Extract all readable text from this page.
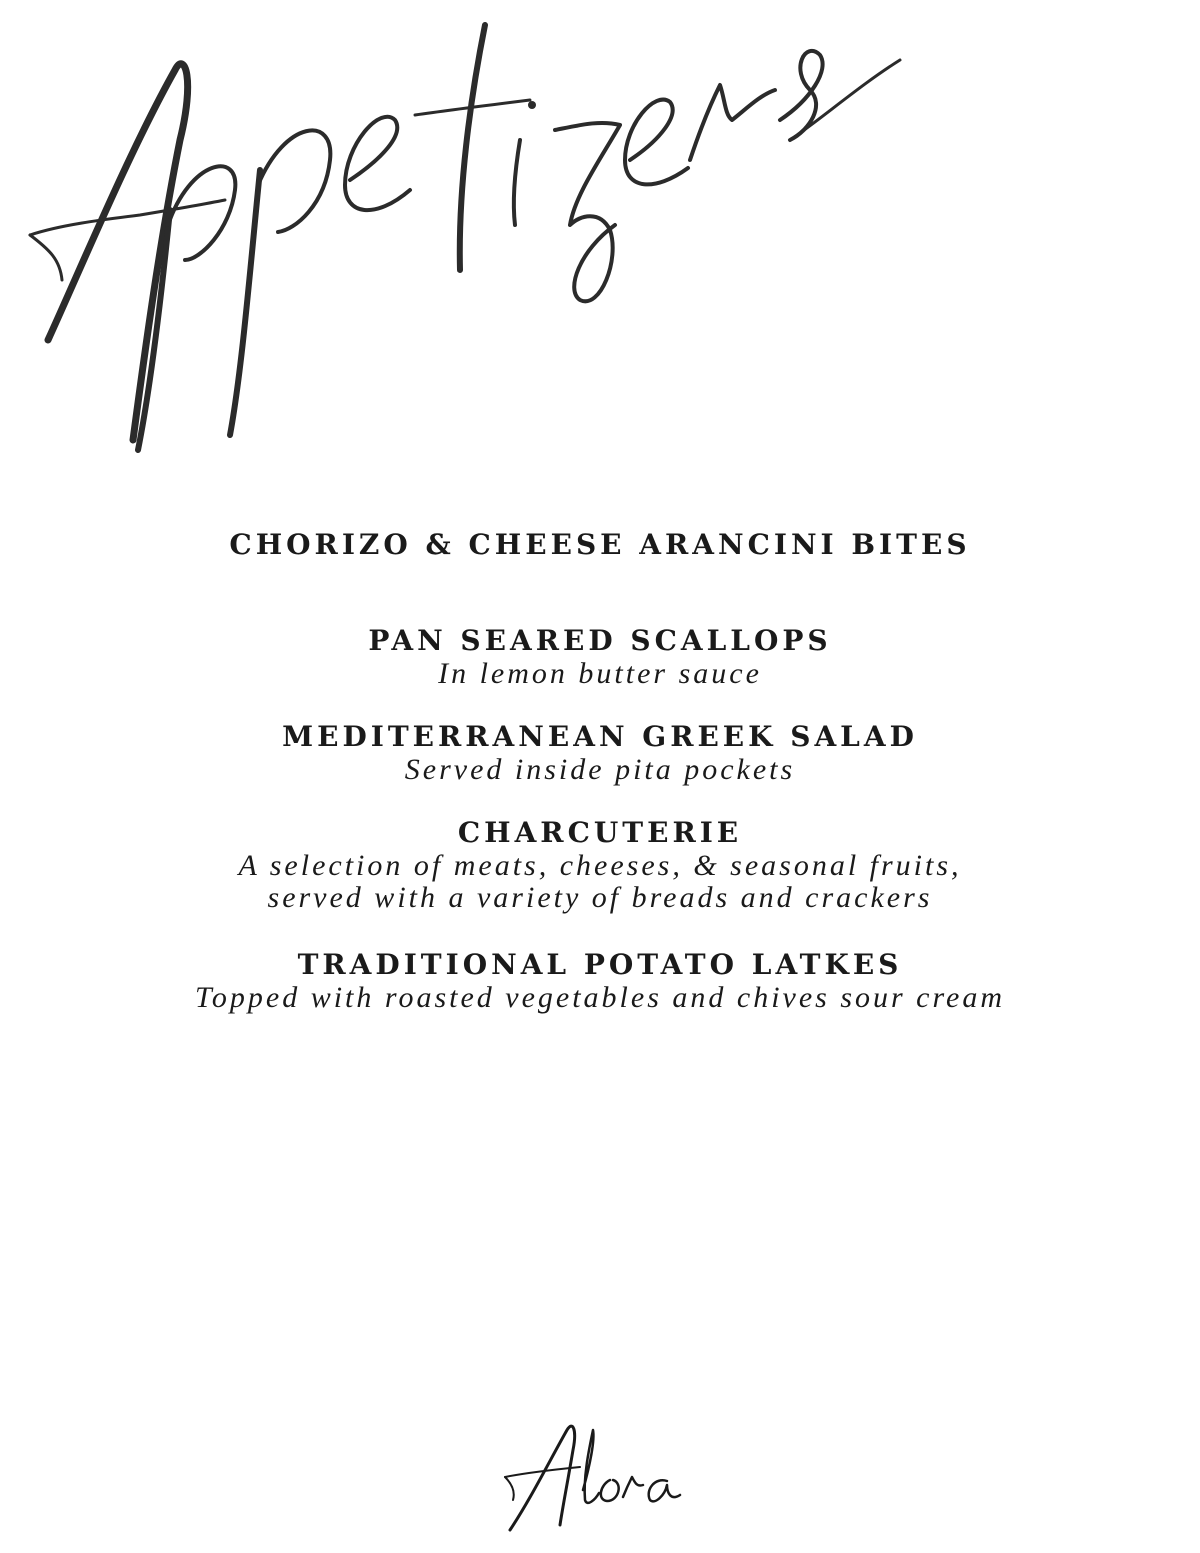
CHORIZO & CHEESE ARANCINI BITES
PAN SEARED SCALLOPS
In lemon butter sauce
MEDITERRANEAN GREEK SALAD
Served inside pita pockets
CHARCUTERIE
A selection of meats, cheeses, & seasonal fruits,
served with a variety of breads and crackers
TRADITIONAL POTATO LATKES
Topped with roasted vegetables and chives sour cream
